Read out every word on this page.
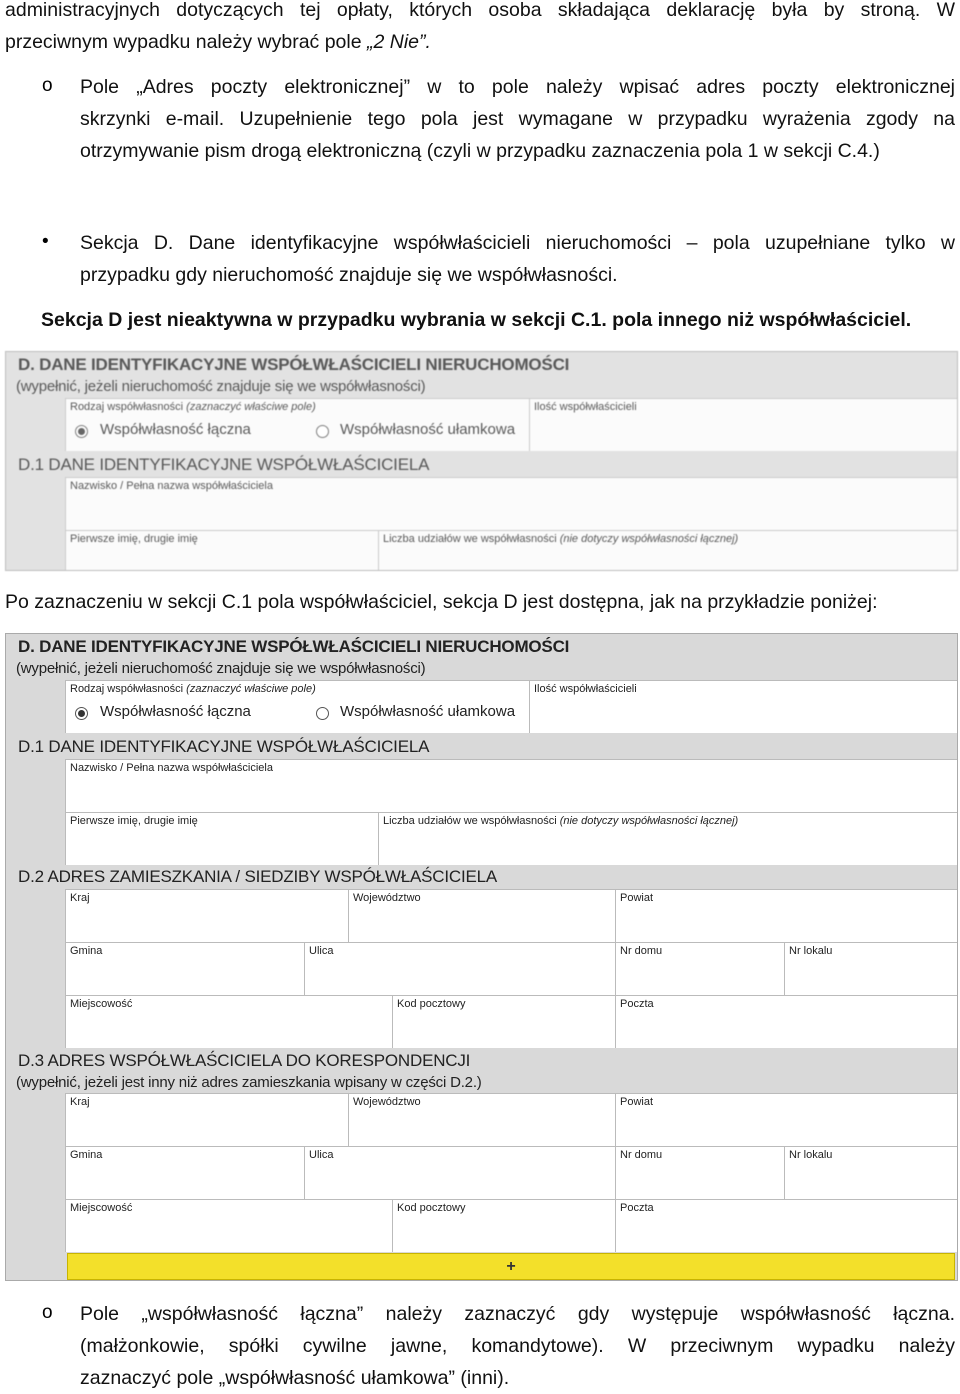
administracyjnych dotyczących tej opłaty, których osoba składająca deklarację była by stroną. W
przeciwnym wypadku należy wybrać pole „2 Nie”.
o Pole „Adres poczty elektronicznej” w to pole należy wpisać adres poczty elektronicznej
skrzynki e-mail. Uzupełnienie tego pola jest wymagane w przypadku wyrażenia zgody na
otrzymywanie pism drogą elektroniczną (czyli w przypadku zaznaczenia pola 1 w sekcji C.4.)
• Sekcja D. Dane identyfikacyjne współwłaścicieli nieruchomości – pola uzupełniane tylko w
przypadku gdy nieruchomość znajduje się we współwłasności.
Sekcja D jest nieaktywna w przypadku wybrania w sekcji C.1. pola innego niż współwłaściciel.
D. DANE IDENTYFIKACYJNE WSPÓŁWŁAŚCICIELI NIERUCHOMOŚCI
(wypełnić, jeżeli nieruchomość znajduje się we współwłasności)
Rodzaj współwłasności (zaznaczyć właściwe pole)
Współwłasność łączna	Współwłasność ułamkowa
Ilość współwłaścicieli
D.1 DANE IDENTYFIKACYJNE WSPÓŁWŁAŚCICIELA
Nazwisko / Pełna nazwa współwłaściciela
Pierwsze imię, drugie imię	Liczba udziałów we współwłasności (nie dotyczy współwłasności łącznej)
Po zaznaczeniu w sekcji C.1 pola współwłaściciel, sekcja D jest dostępna, jak na przykładzie poniżej:
D. DANE IDENTYFIKACYJNE WSPÓŁWŁAŚCICIELI NIERUCHOMOŚCI
(wypełnić, jeżeli nieruchomość znajduje się we współwłasności)
Rodzaj współwłasności (zaznaczyć właściwe pole)
Współwłasność łączna	Współwłasność ułamkowa
Ilość współwłaścicieli
D.1 DANE IDENTYFIKACYJNE WSPÓŁWŁAŚCICIELA
Nazwisko / Pełna nazwa współwłaściciela
Pierwsze imię, drugie imię	Liczba udziałów we współwłasności (nie dotyczy współwłasności łącznej)
D.2 ADRES ZAMIESZKANIA / SIEDZIBY WSPÓŁWŁAŚCICIELA
Kraj	Województwo	Powiat
Gmina	Ulica	Nr domu	Nr lokalu
Miejscowość	Kod pocztowy	Poczta
D.3 ADRES WSPÓŁWŁAŚCICIELA DO KORESPONDENCJI
(wypełnić, jeżeli jest inny niż adres zamieszkania wpisany w części D.2.)
Kraj	Województwo	Powiat
Gmina	Ulica	Nr domu	Nr lokalu
Miejscowość	Kod pocztowy	Poczta
+
o Pole „współwłasność łączna” należy zaznaczyć gdy występuje współwłasność łączna.
(małżonkowie, spółki cywilne jawne, komandytowe). W przeciwnym wypadku należy
zaznaczyć pole „współwłasność ułamkowa” (inni).
